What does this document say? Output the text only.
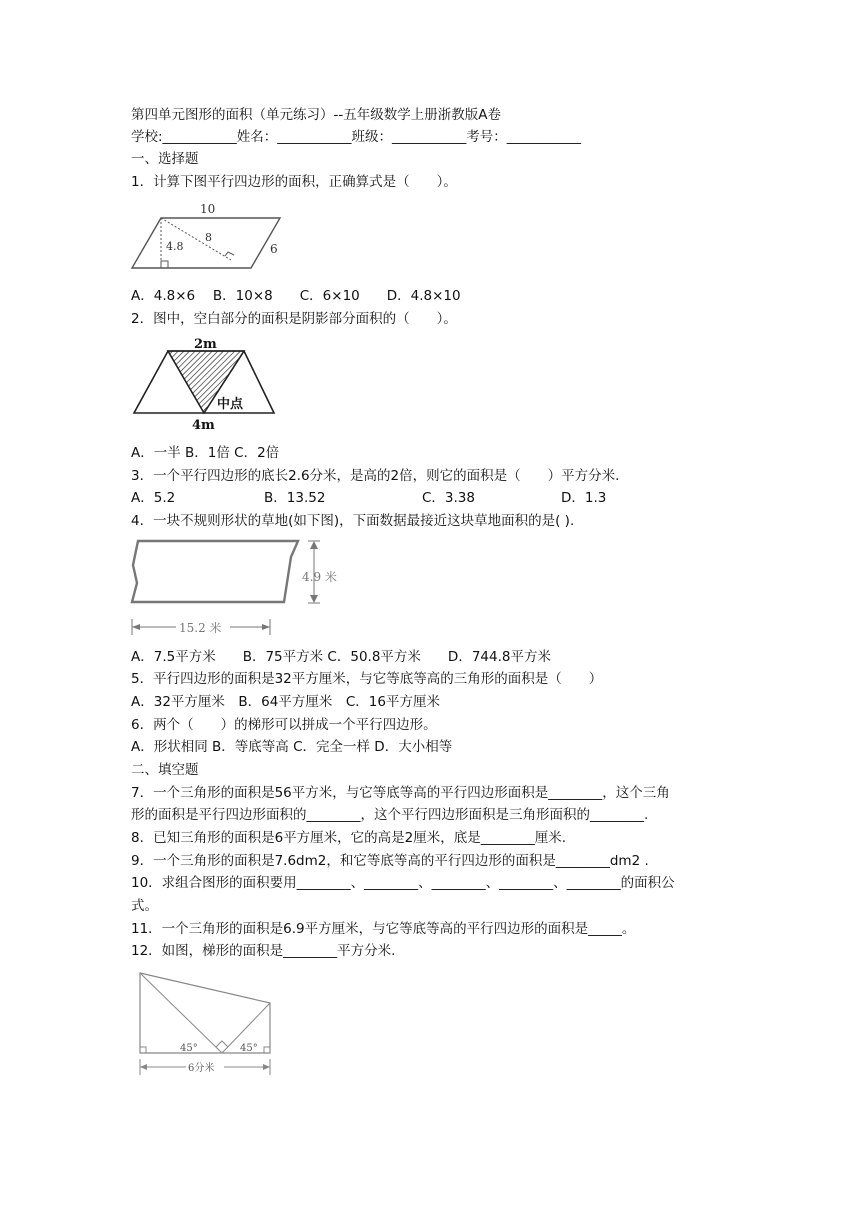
第四单元图形的面积（单元练习）--五年级数学上册浙教版A卷
学校:___________姓名：___________班级：___________考号：___________
一、选择题
1．计算下图平行四边形的面积，正确算式是（　　）。
10
4.8
8
6
A．4.8×6　 B．10×8　　C．6×10　　D．4.8×10
2．图中，空白部分的面积是阴影部分面积的（　　）。
2m
中点
4m
A．一半 B．1倍 C．2倍
3．一个平行四边形的底长2.6分米，是高的2倍，则它的面积是（　　）平方分米.
A．5.2	B．13.52	C．3.38	D．1.3
4．一块不规则形状的草地(如下图)，下面数据最接近这块草地面积的是( ).
4.9 米
15.2 米
A．7.5平方米　　B．75平方米 C．50.8平方米　　D．744.8平方米
5．平行四边形的面积是32平方厘米，与它等底等高的三角形的面积是（　　）
A．32平方厘米　B．64平方厘米　C．16平方厘米
6．两个（　　）的梯形可以拼成一个平行四边形。
A．形状相同 B．等底等高 C．完全一样 D．大小相等
二、填空题
7．一个三角形的面积是56平方米，与它等底等高的平行四边形面积是________，这个三角
形的面积是平行四边形面积的________，这个平行四边形面积是三角形面积的________.
8．已知三角形的面积是6平方厘米，它的高是2厘米，底是________厘米.
9．一个三角形的面积是7.6dm2，和它等底等高的平行四边形的面积是________dm2 .
10．求组合图形的面积要用________、________、________、________、________的面积公
式。
11．一个三角形的面积是6.9平方厘米，与它等底等高的平行四边形的面积是_____。
12．如图，梯形的面积是________平方分米.
45°	45°
6分米
